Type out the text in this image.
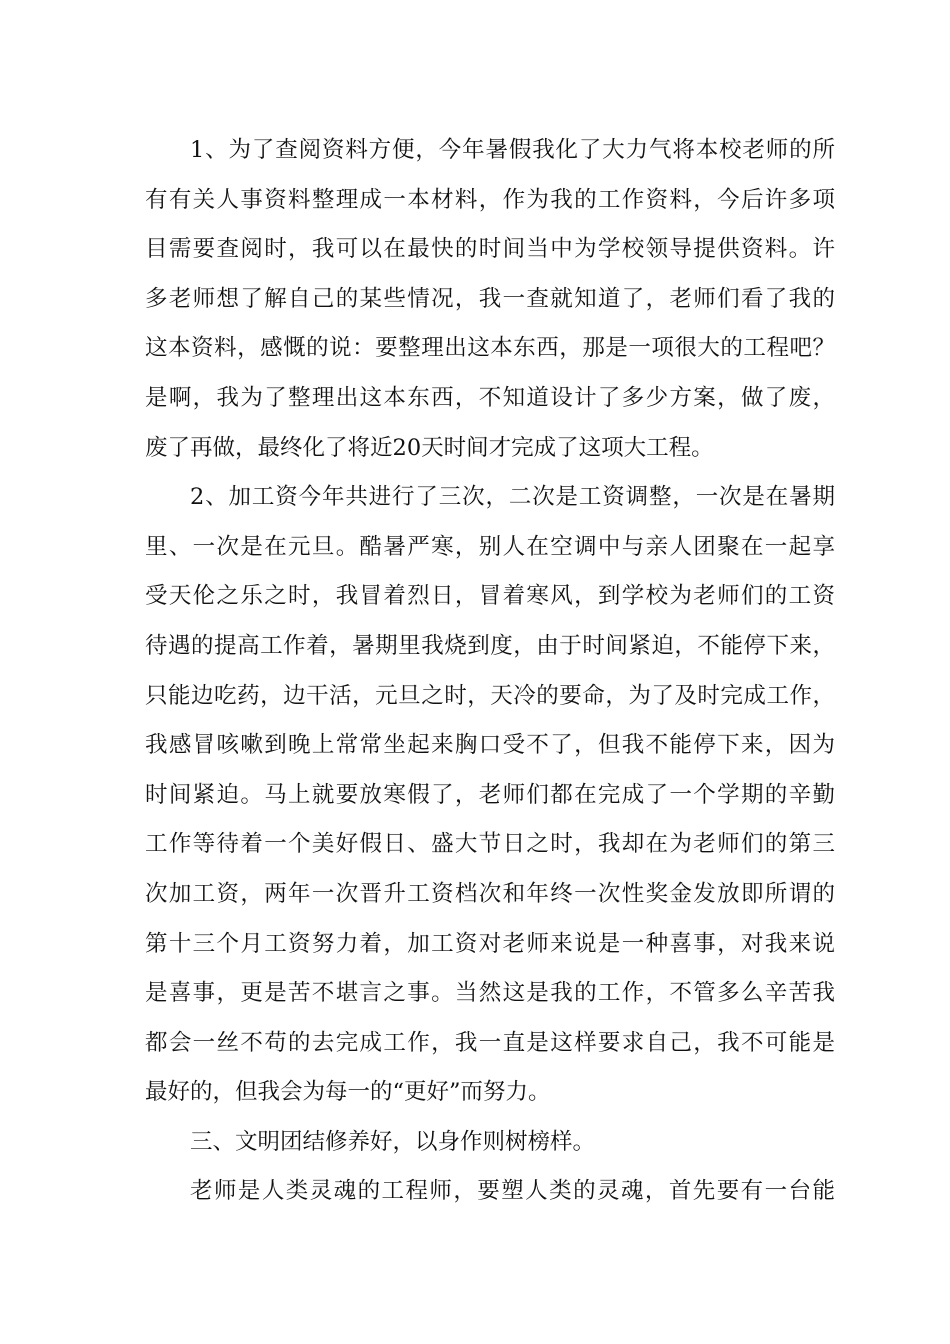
1、为了查阅资料方便，今年暑假我化了大力气将本校老师的所
有有关人事资料整理成一本材料，作为我的工作资料，今后许多项
目需要查阅时，我可以在最快的时间当中为学校领导提供资料。许
多老师想了解自己的某些情况，我一查就知道了，老师们看了我的
这本资料，感慨的说：要整理出这本东西，那是一项很大的工程吧？
是啊，我为了整理出这本东西，不知道设计了多少方案，做了废，
废了再做，最终化了将近20天时间才完成了这项大工程。
2、加工资今年共进行了三次，二次是工资调整，一次是在暑期
里、一次是在元旦。酷暑严寒，别人在空调中与亲人团聚在一起享
受天伦之乐之时，我冒着烈日，冒着寒风，到学校为老师们的工资
待遇的提高工作着，暑期里我烧到度，由于时间紧迫，不能停下来，
只能边吃药，边干活，元旦之时，天冷的要命，为了及时完成工作，
我感冒咳嗽到晚上常常坐起来胸口受不了，但我不能停下来，因为
时间紧迫。马上就要放寒假了，老师们都在完成了一个学期的辛勤
工作等待着一个美好假日、盛大节日之时，我却在为老师们的第三
次加工资，两年一次晋升工资档次和年终一次性奖金发放即所谓的
第十三个月工资努力着，加工资对老师来说是一种喜事，对我来说
是喜事，更是苦不堪言之事。当然这是我的工作，不管多么辛苦我
都会一丝不苟的去完成工作，我一直是这样要求自己，我不可能是
最好的，但我会为每一的“更好”而努力。
三、文明团结修养好，以身作则树榜样。
老师是人类灵魂的工程师，要塑人类的灵魂，首先要有一台能
